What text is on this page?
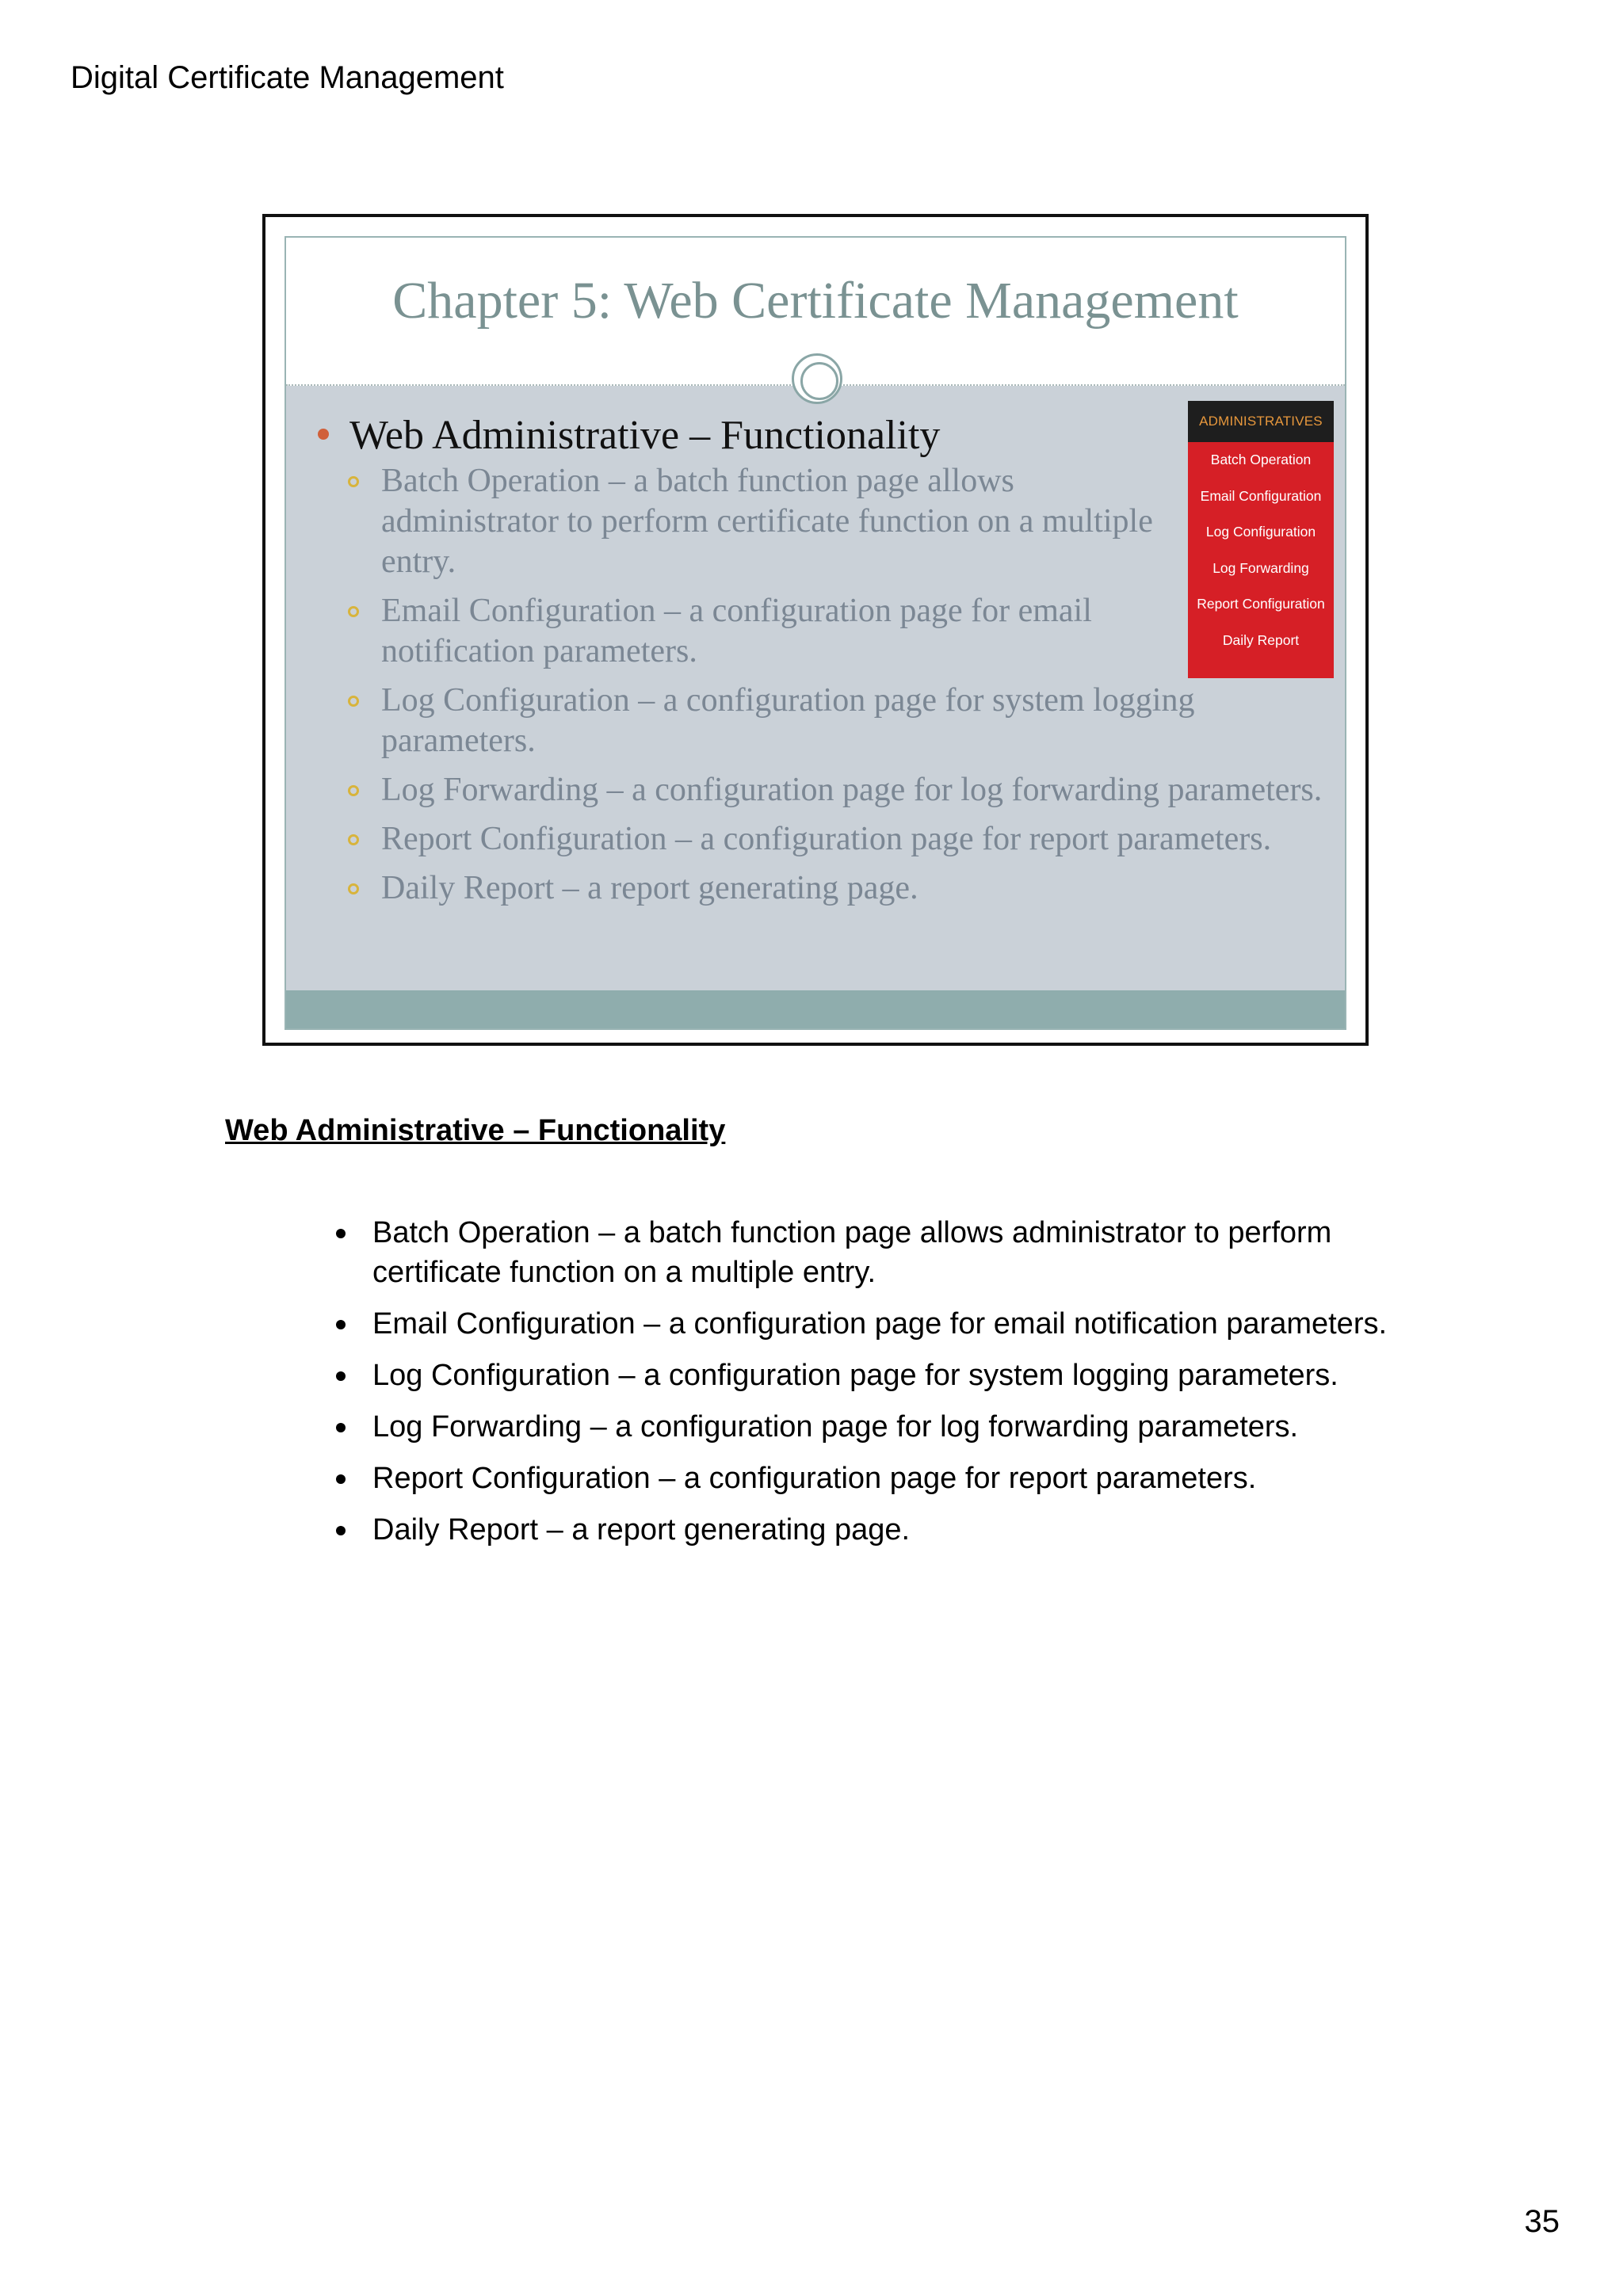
Digital Certificate Management
Chapter 5: Web Certificate Management
Web Administrative – Functionality
Batch Operation – a batch function page allows administrator to perform certificate function on a multiple entry.
Email Configuration – a configuration page for email notification parameters.
Log Configuration – a configuration page for system logging parameters.
Log Forwarding – a configuration page for log forwarding parameters.
Report Configuration – a configuration page for report parameters.
Daily Report – a report generating page.
ADMINISTRATIVES
Batch Operation
Email Configuration
Log Configuration
Log Forwarding
Report Configuration
Daily Report
Web Administrative – Functionality
Batch Operation – a batch function page allows administrator to perform certificate function on a multiple entry.
Email Configuration – a configuration page for email notification parameters.
Log Configuration – a configuration page for system logging parameters.
Log Forwarding – a configuration page for log forwarding parameters.
Report Configuration – a configuration page for report parameters.
Daily Report – a report generating page.
35
